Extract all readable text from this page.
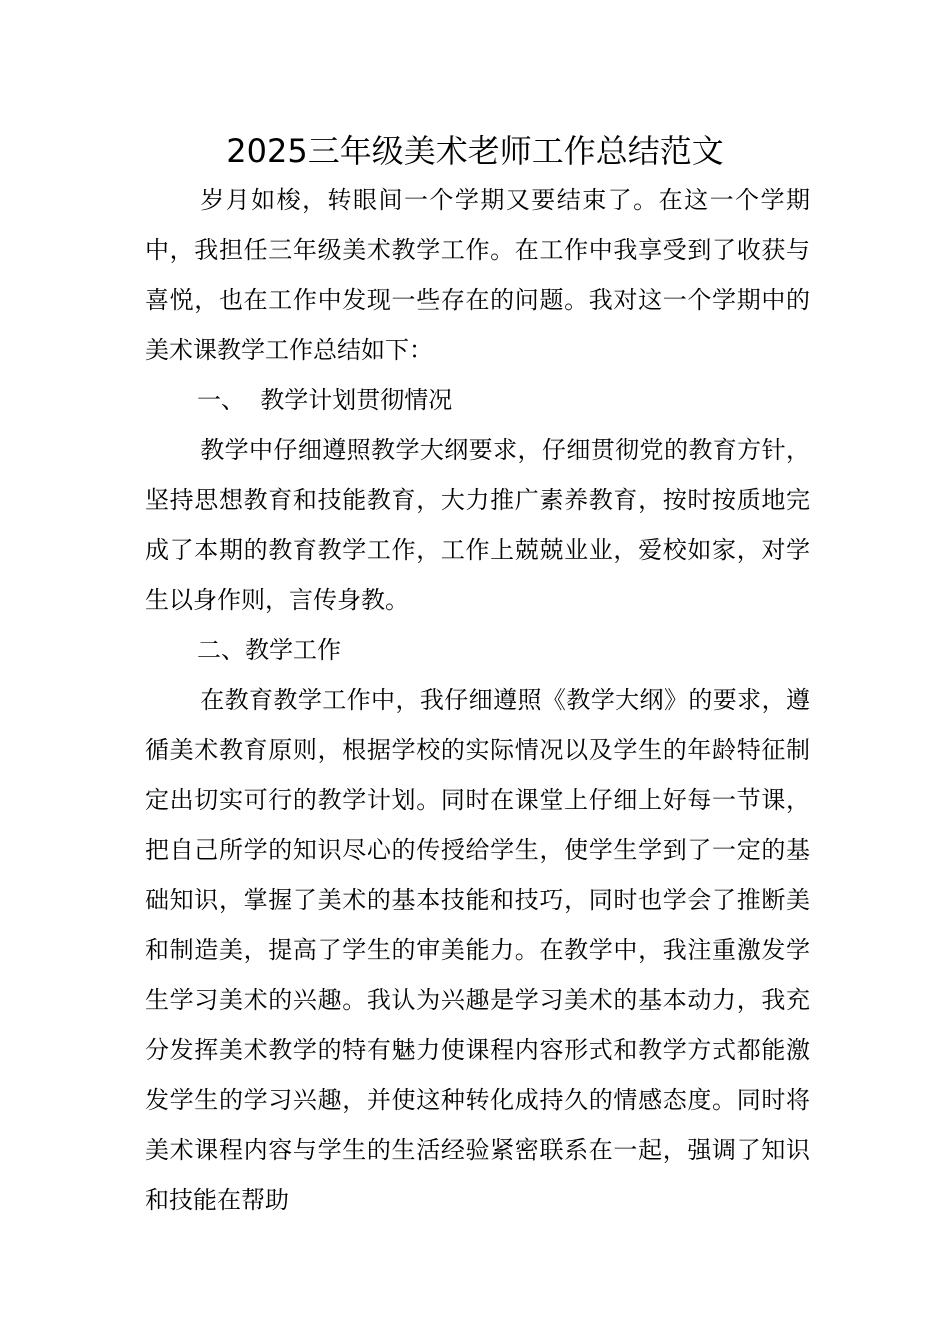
2025三年级美术老师工作总结范文

岁月如梭，转眼间一个学期又要结束了。在这一个学期中，我担任三年级美术教学工作。在工作中我享受到了收获与喜悦，也在工作中发现一些存在的问题。我对这一个学期中的美术课教学工作总结如下：

一、  教学计划贯彻情况

教学中仔细遵照教学大纲要求，仔细贯彻党的教育方针，坚持思想教育和技能教育，大力推广素养教育，按时按质地完成了本期的教育教学工作，工作上兢兢业业，爱校如家，对学生以身作则，言传身教。

二、教学工作

在教育教学工作中，我仔细遵照《教学大纲》的要求，遵循美术教育原则，根据学校的实际情况以及学生的年龄特征制定出切实可行的教学计划。同时在课堂上仔细上好每一节课，把自己所学的知识尽心的传授给学生，使学生学到了一定的基础知识，掌握了美术的基本技能和技巧，同时也学会了推断美和制造美，提高了学生的审美能力。在教学中，我注重激发学生学习美术的兴趣。我认为兴趣是学习美术的基本动力，我充分发挥美术教学的特有魅力使课程内容形式和教学方式都能激发学生的学习兴趣，并使这种转化成持久的情感态度。同时将美术课程内容与学生的生活经验紧密联系在一起，强调了知识和技能在帮助
